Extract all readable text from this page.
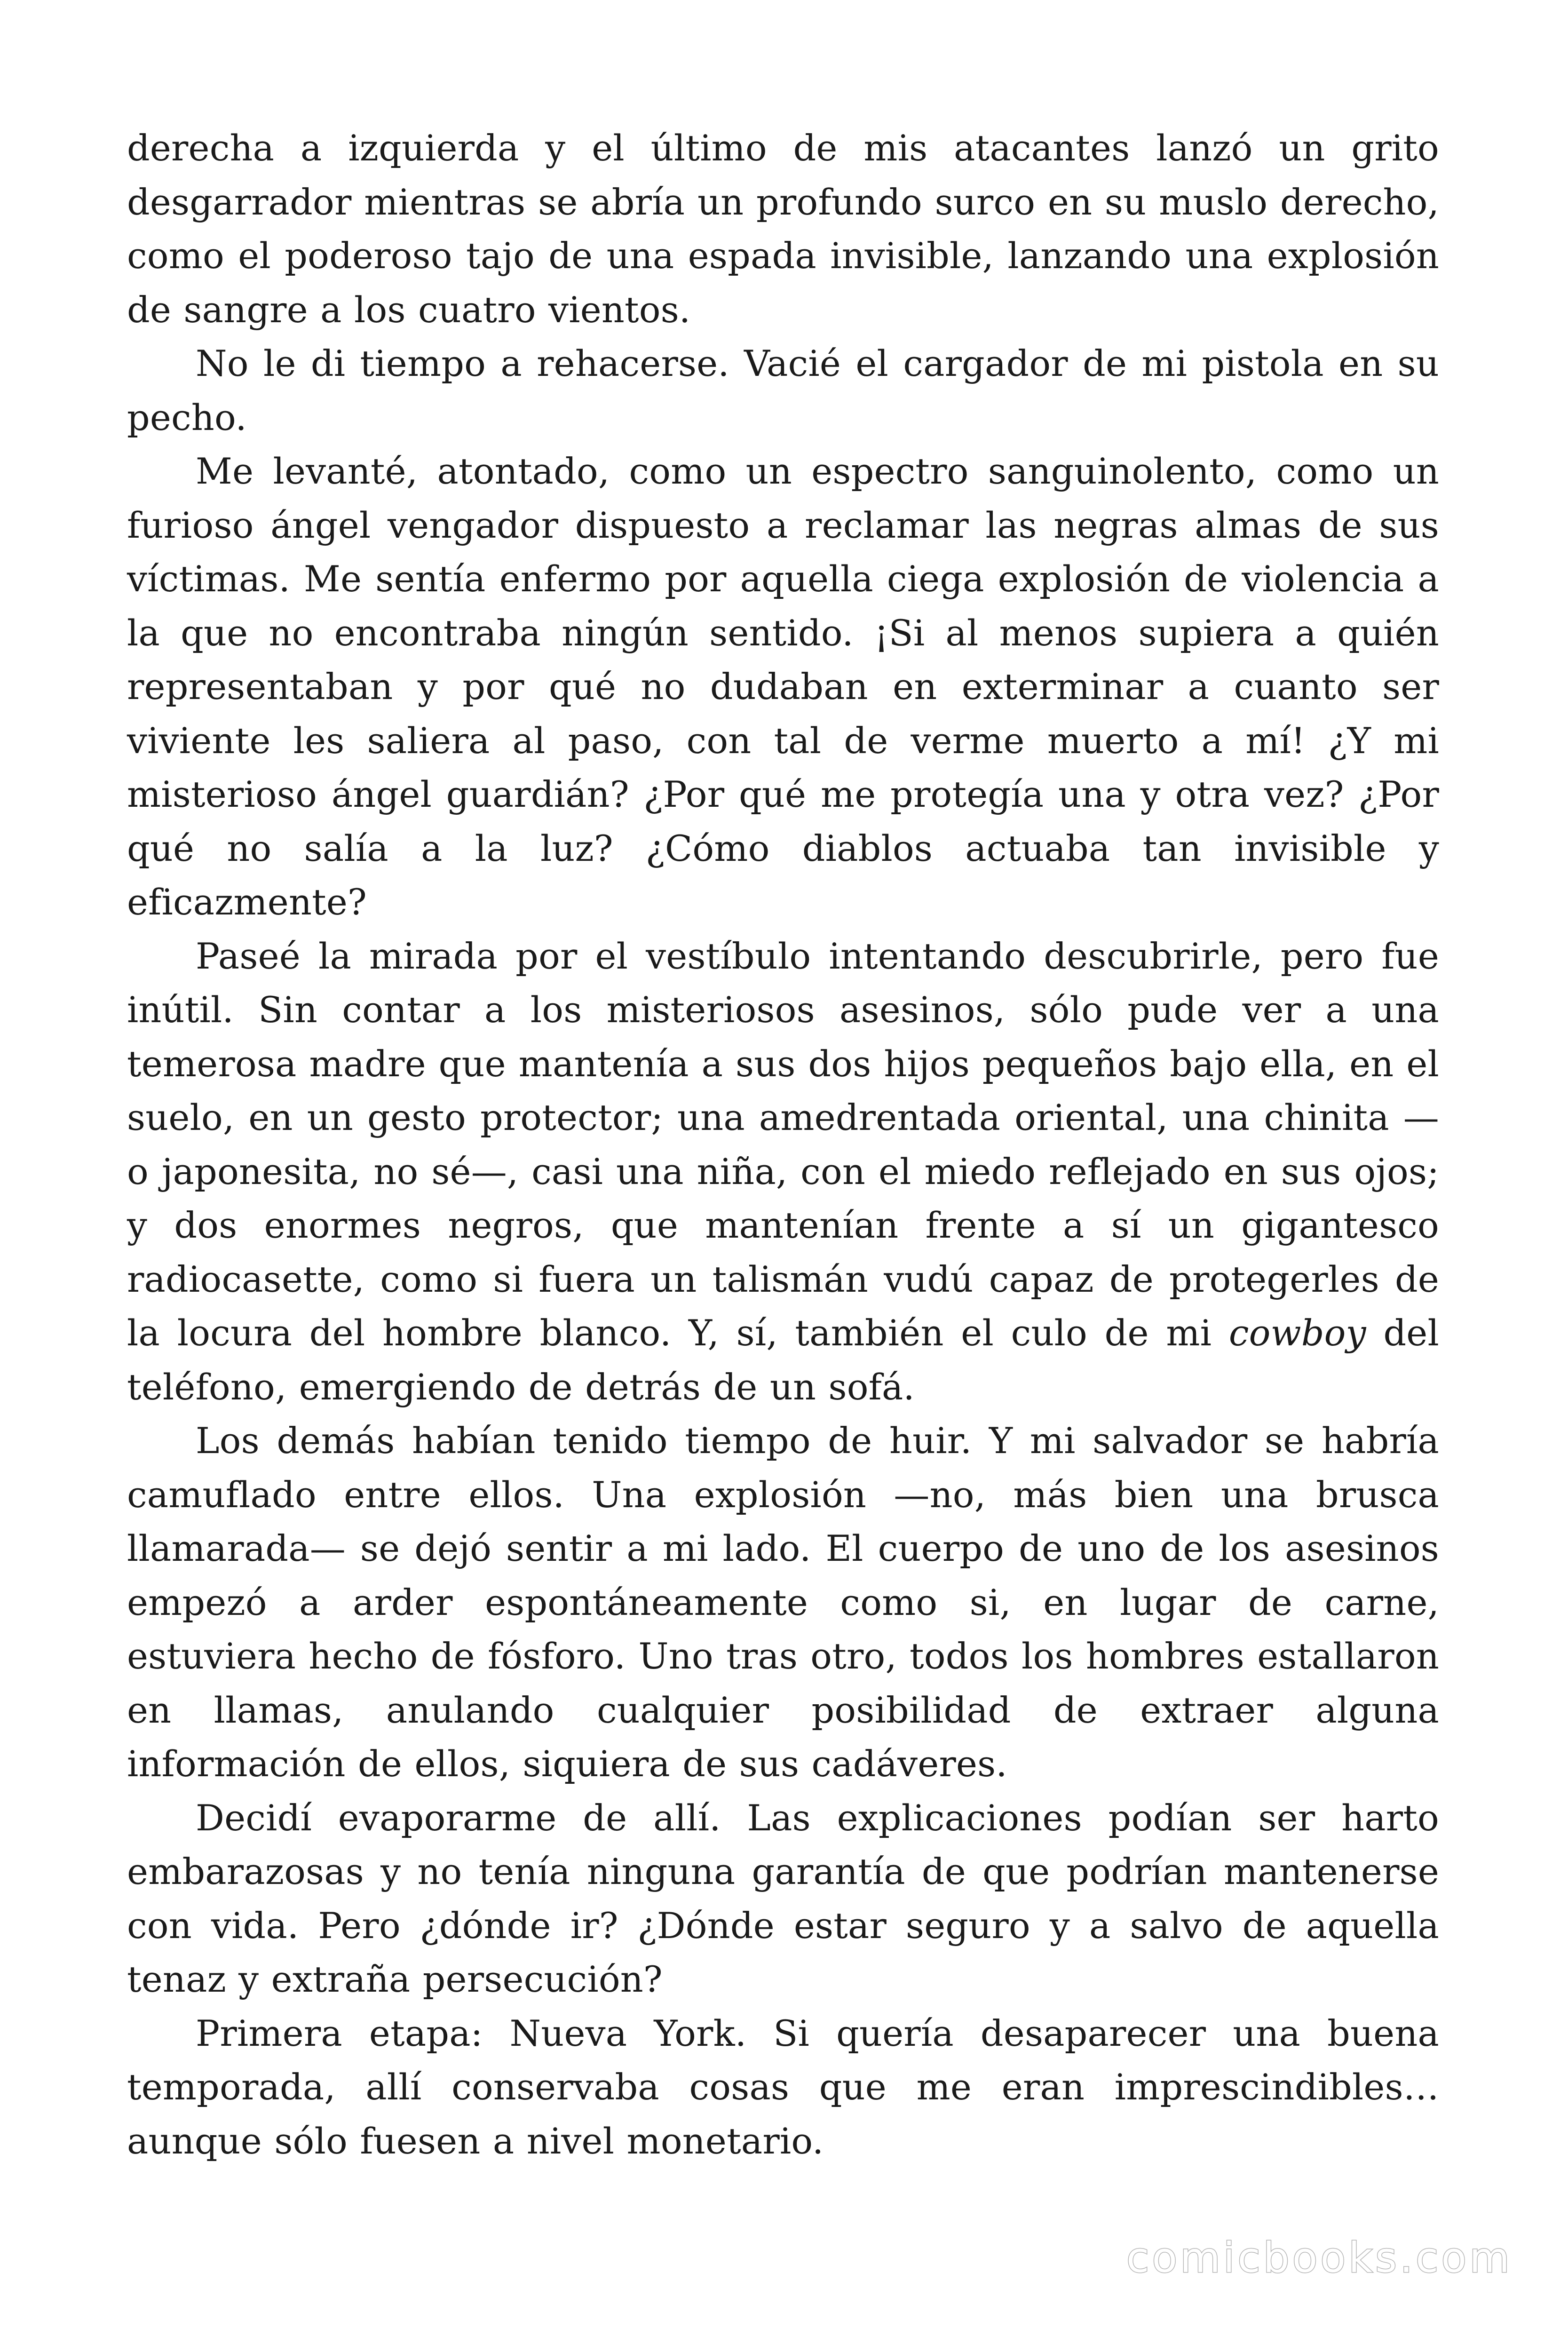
derecha a izquierda y el último de mis atacantes lanzó un grito desgarrador mientras se abría un profundo surco en su muslo derecho, como el poderoso tajo de una espada invisible, lanzando una explosión de sangre a los cuatro vientos.

No le di tiempo a rehacerse. Vacié el cargador de mi pistola en su pecho.

Me levanté, atontado, como un espectro sanguinolento, como un furioso ángel vengador dispuesto a reclamar las negras almas de sus víctimas. Me sentía enfermo por aquella ciega explosión de violencia a la que no encontraba ningún sentido. ¡Si al menos supiera a quién representaban y por qué no dudaban en exterminar a cuanto ser viviente les saliera al paso, con tal de verme muerto a mí! ¿Y mi misterioso ángel guardián? ¿Por qué me protegía una y otra vez? ¿Por qué no salía a la luz? ¿Cómo diablos actuaba tan invisible y eficazmente?

Paseé la mirada por el vestíbulo intentando descubrirle, pero fue inútil. Sin contar a los misteriosos asesinos, sólo pude ver a una temerosa madre que mantenía a sus dos hijos pequeños bajo ella, en el suelo, en un gesto protector; una amedrentada oriental, una chinita —o japonesita, no sé—, casi una niña, con el miedo reflejado en sus ojos; y dos enormes negros, que mantenían frente a sí un gigantesco radiocasette, como si fuera un talismán vudú capaz de protegerles de la locura del hombre blanco. Y, sí, también el culo de mi cowboy del teléfono, emergiendo de detrás de un sofá.

Los demás habían tenido tiempo de huir. Y mi salvador se habría camuflado entre ellos. Una explosión —no, más bien una brusca llamarada— se dejó sentir a mi lado. El cuerpo de uno de los asesinos empezó a arder espontáneamente como si, en lugar de carne, estuviera hecho de fósforo. Uno tras otro, todos los hombres estallaron en llamas, anulando cualquier posibilidad de extraer alguna información de ellos, siquiera de sus cadáveres.

Decidí evaporarme de allí. Las explicaciones podían ser harto embarazosas y no tenía ninguna garantía de que podrían mantenerse con vida. Pero ¿dónde ir? ¿Dónde estar seguro y a salvo de aquella tenaz y extraña persecución?

Primera etapa: Nueva York. Si quería desaparecer una buena temporada, allí conservaba cosas que me eran imprescindibles… aunque sólo fuesen a nivel monetario.

comicbooks.com
